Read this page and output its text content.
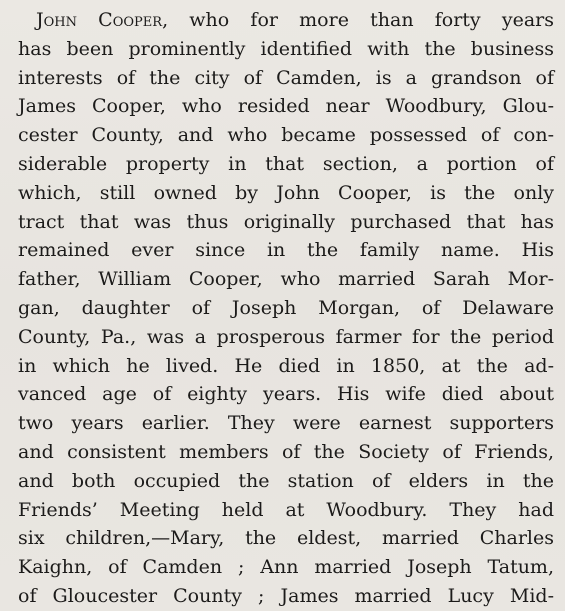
John Cooper, who for more than forty years
has been prominently identified with the business
interests of the city of Camden, is a grandson of
James Cooper, who resided near Woodbury, Glou-
cester County, and who became possessed of con-
siderable property in that section, a portion of
which, still owned by John Cooper, is the only
tract that was thus originally purchased that has
remained ever since in the family name. His
father, William Cooper, who married Sarah Mor-
gan, daughter of Joseph Morgan, of Delaware
County, Pa., was a prosperous farmer for the period
in which he lived. He died in 1850, at the ad-
vanced age of eighty years. His wife died about
two years earlier. They were earnest supporters
and consistent members of the Society of Friends,
and both occupied the station of elders in the
Friends’ Meeting held at Woodbury. They had
six children,—Mary, the eldest, married Charles
Kaighn, of Camden ; Ann married Joseph Tatum,
of Gloucester County ; James married Lucy Mid-
